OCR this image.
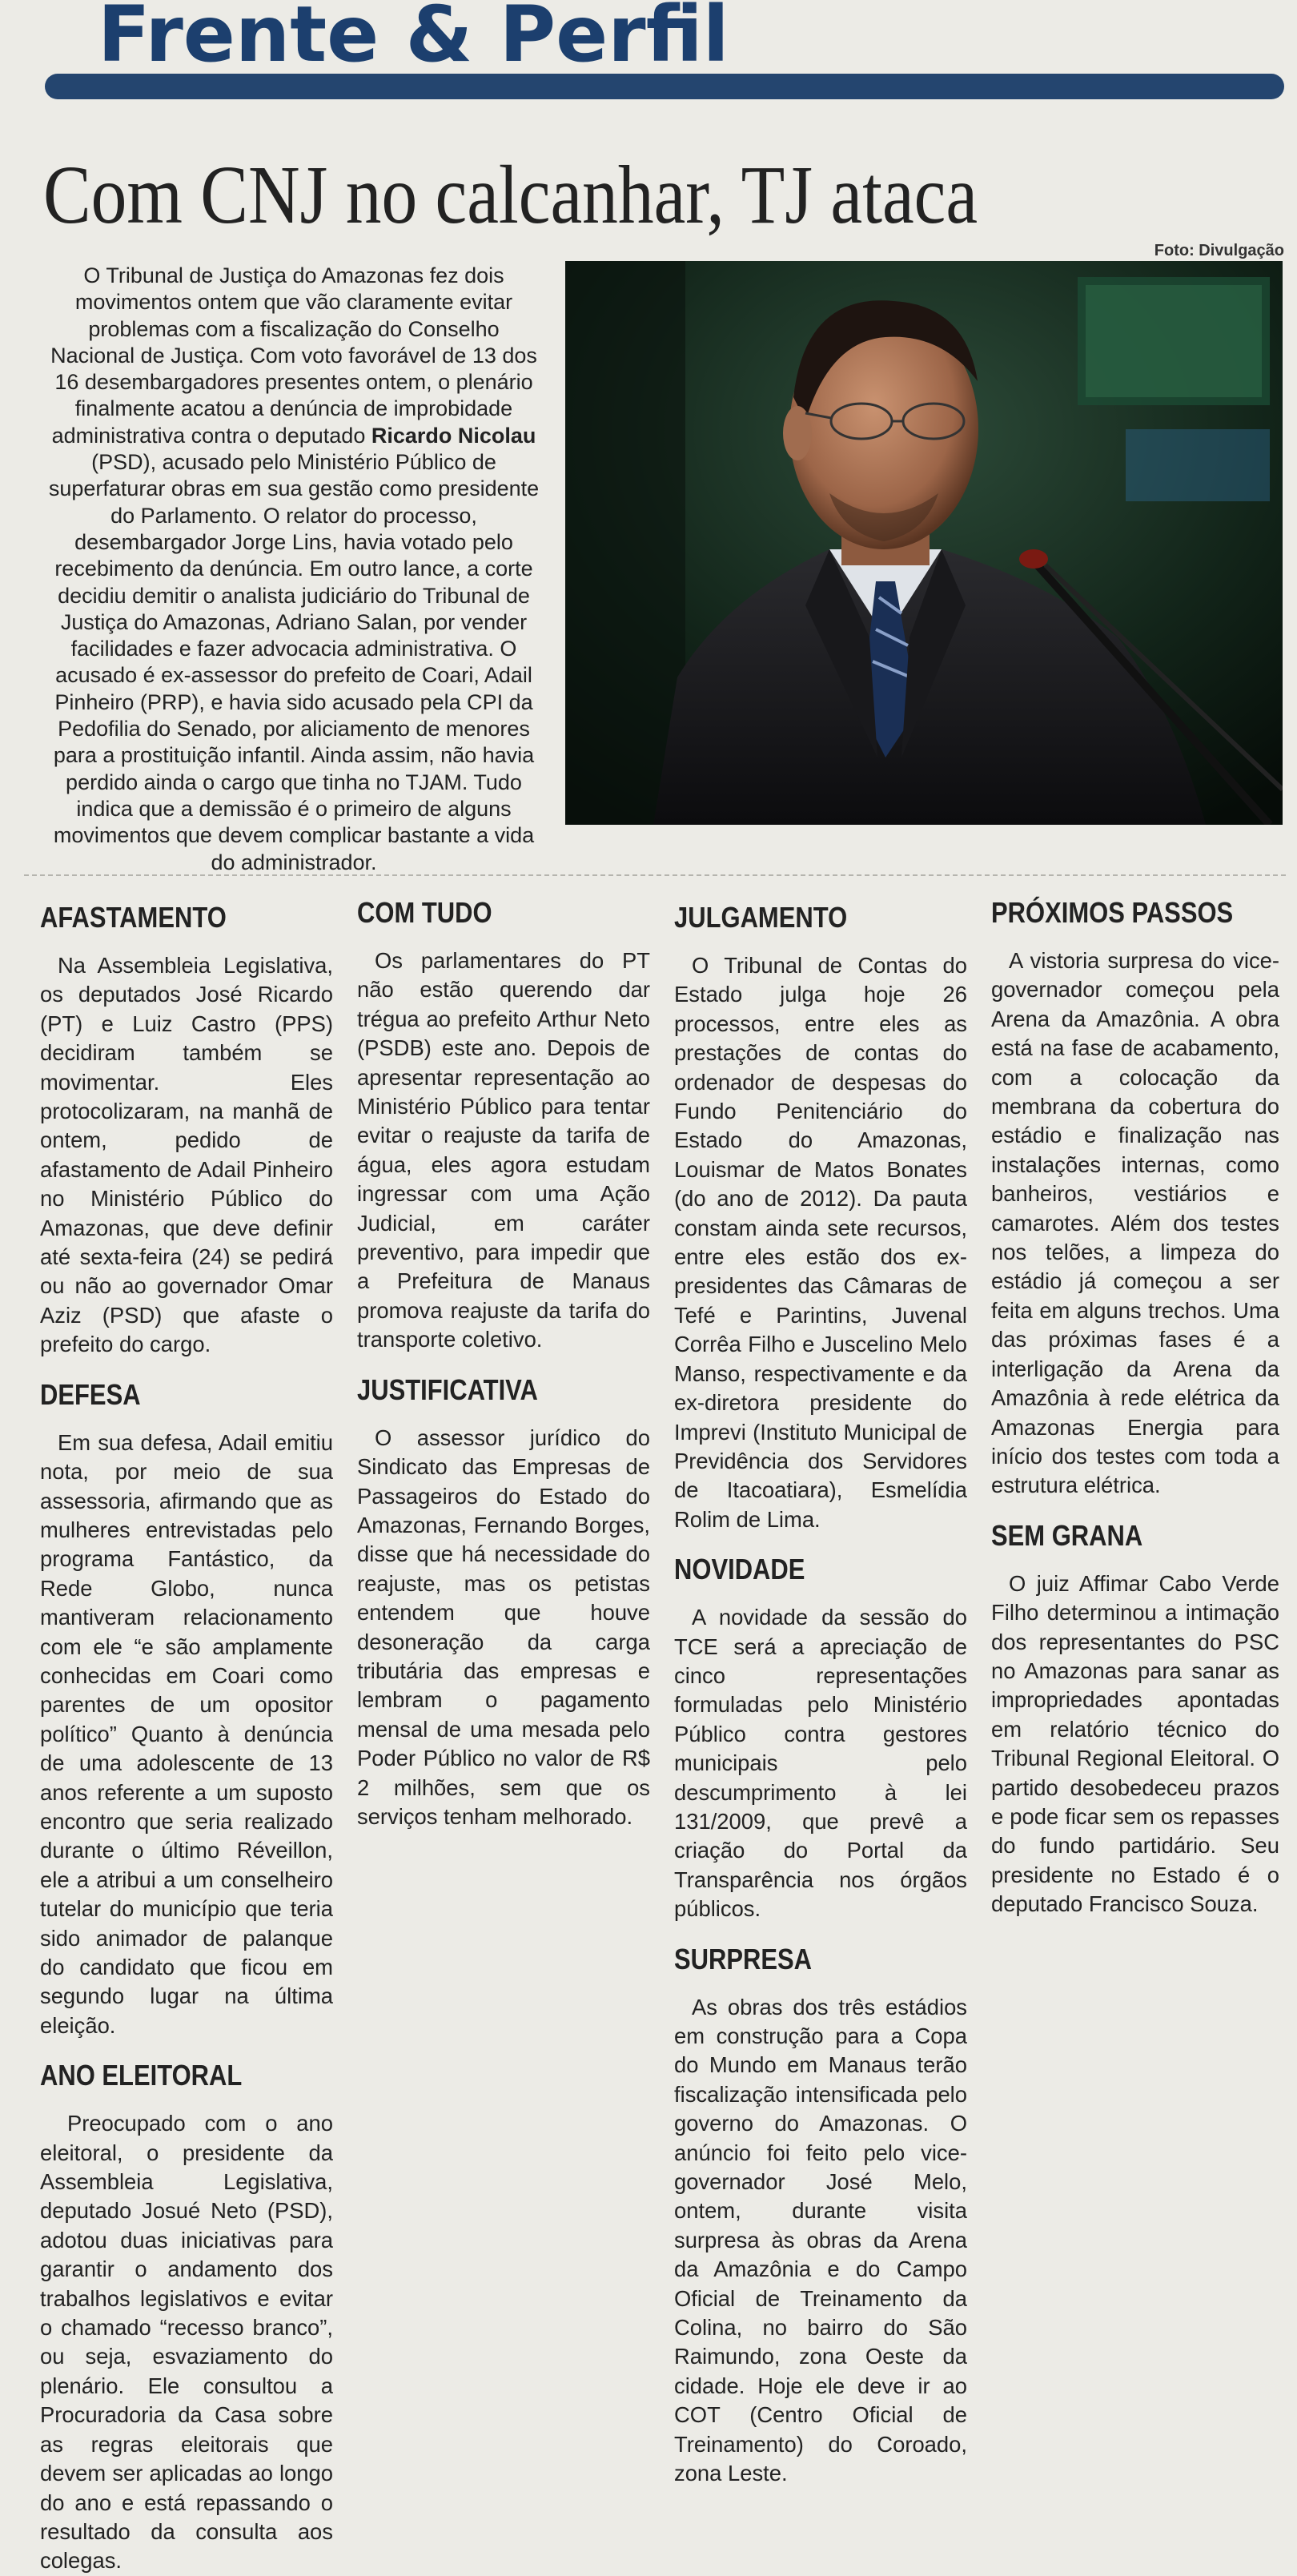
Frente & Perfil
Com CNJ no calcanhar, TJ ataca
Foto: Divulgação

O Tribunal de Justiça do Amazonas fez dois movimentos ontem que vão claramente evitar problemas com a fiscalização do Conselho Nacional de Justiça. Com voto favorável de 13 dos 16 desembargadores presentes ontem, o plenário finalmente acatou a denúncia de improbidade administrativa contra o deputado Ricardo Nicolau (PSD), acusado pelo Ministério Público de superfaturar obras em sua gestão como presidente do Parlamento. O relator do processo, desembargador Jorge Lins, havia votado pelo recebimento da denúncia. Em outro lance, a corte decidiu demitir o analista judiciário do Tribunal de Justiça do Amazonas, Adriano Salan, por vender facilidades e fazer advocacia administrativa. O acusado é ex-assessor do prefeito de Coari, Adail Pinheiro (PRP), e havia sido acusado pela CPI da Pedofilia do Senado, por aliciamento de menores para a prostituição infantil. Ainda assim, não havia perdido ainda o cargo que tinha no TJAM. Tudo indica que a demissão é o primeiro de alguns movimentos que devem complicar bastante a vida do administrador.

AFASTAMENTO

Na Assembleia Legislativa, os deputados José Ricardo (PT) e Luiz Castro (PPS) decidiram também se movimentar. Eles protocolizaram, na manhã de ontem, pedido de afastamento de Adail Pinheiro no Ministério Público do Amazonas, que deve definir até sexta-feira (24) se pedirá ou não ao governador Omar Aziz (PSD) que afaste o prefeito do cargo.

DEFESA

Em sua defesa, Adail emitiu nota, por meio de sua assessoria, afirmando que as mulheres entrevistadas pelo programa Fantástico, da Rede Globo, nunca mantiveram relacionamento com ele “e são amplamente conhecidas em Coari como parentes de um opositor político” Quanto à denúncia de uma adolescente de 13 anos referente a um suposto encontro que seria realizado durante o último Réveillon, ele a atribui a um conselheiro tutelar do município que teria sido animador de palanque do candidato que ficou em segundo lugar na última eleição.

ANO ELEITORAL

Preocupado com o ano eleitoral, o presidente da Assembleia Legislativa, deputado Josué Neto (PSD), adotou duas iniciativas para garantir o andamento dos trabalhos legislativos e evitar o chamado “recesso branco”, ou seja, esvaziamento do plenário. Ele consultou a Procuradoria da Casa sobre as regras eleitorais que devem ser aplicadas ao longo do ano e está repassando o resultado da consulta aos colegas.

COM TUDO

Os parlamentares do PT não estão querendo dar trégua ao prefeito Arthur Neto (PSDB) este ano. Depois de apresentar representação ao Ministério Público para tentar evitar o reajuste da tarifa de água, eles agora estudam ingressar com uma Ação Judicial, em caráter preventivo, para impedir que a Prefeitura de Manaus promova reajuste da tarifa do transporte coletivo.

JUSTIFICATIVA

O assessor jurídico do Sindicato das Empresas de Passageiros do Estado do Amazonas, Fernando Borges, disse que há necessidade do reajuste, mas os petistas entendem que houve desoneração da carga tributária das empresas e lembram o pagamento mensal de uma mesada pelo Poder Público no valor de R$ 2 milhões, sem que os serviços tenham melhorado.

JULGAMENTO

O Tribunal de Contas do Estado julga hoje 26 processos, entre eles as prestações de contas do ordenador de despesas do Fundo Penitenciário do Estado do Amazonas, Louismar de Matos Bonates (do ano de 2012). Da pauta constam ainda sete recursos, entre eles estão dos ex-presidentes das Câmaras de Tefé e Parintins, Juvenal Corrêa Filho e Juscelino Melo Manso, respectivamente e da ex-diretora presidente do Imprevi (Instituto Municipal de Previdência dos Servidores de Itacoatiara), Esmelídia Rolim de Lima.

NOVIDADE

A novidade da sessão do TCE será a apreciação de cinco representações formuladas pelo Ministério Público contra gestores municipais pelo descumprimento à lei 131/2009, que prevê a criação do Portal da Transparência nos órgãos públicos.

SURPRESA

As obras dos três estádios em construção para a Copa do Mundo em Manaus terão fiscalização intensificada pelo governo do Amazonas. O anúncio foi feito pelo vice-governador José Melo, ontem, durante visita surpresa às obras da Arena da Amazônia e do Campo Oficial de Treinamento da Colina, no bairro do São Raimundo, zona Oeste da cidade. Hoje ele deve ir ao COT (Centro Oficial de Treinamento) do Coroado, zona Leste.

PRÓXIMOS PASSOS

A vistoria surpresa do vice-governador começou pela Arena da Amazônia. A obra está na fase de acabamento, com a colocação da membrana da cobertura do estádio e finalização nas instalações internas, como banheiros, vestiários e camarotes. Além dos testes nos telões, a limpeza do estádio já começou a ser feita em alguns trechos. Uma das próximas fases é a interligação da Arena da Amazônia à rede elétrica da Amazonas Energia para início dos testes com toda a estrutura elétrica.

SEM GRANA

O juiz Affimar Cabo Verde Filho determinou a intimação dos representantes do PSC no Amazonas para sanar as impropriedades apontadas em relatório técnico do Tribunal Regional Eleitoral. O partido desobedeceu prazos e pode ficar sem os repasses do fundo partidário. Seu presidente no Estado é o deputado Francisco Souza.
